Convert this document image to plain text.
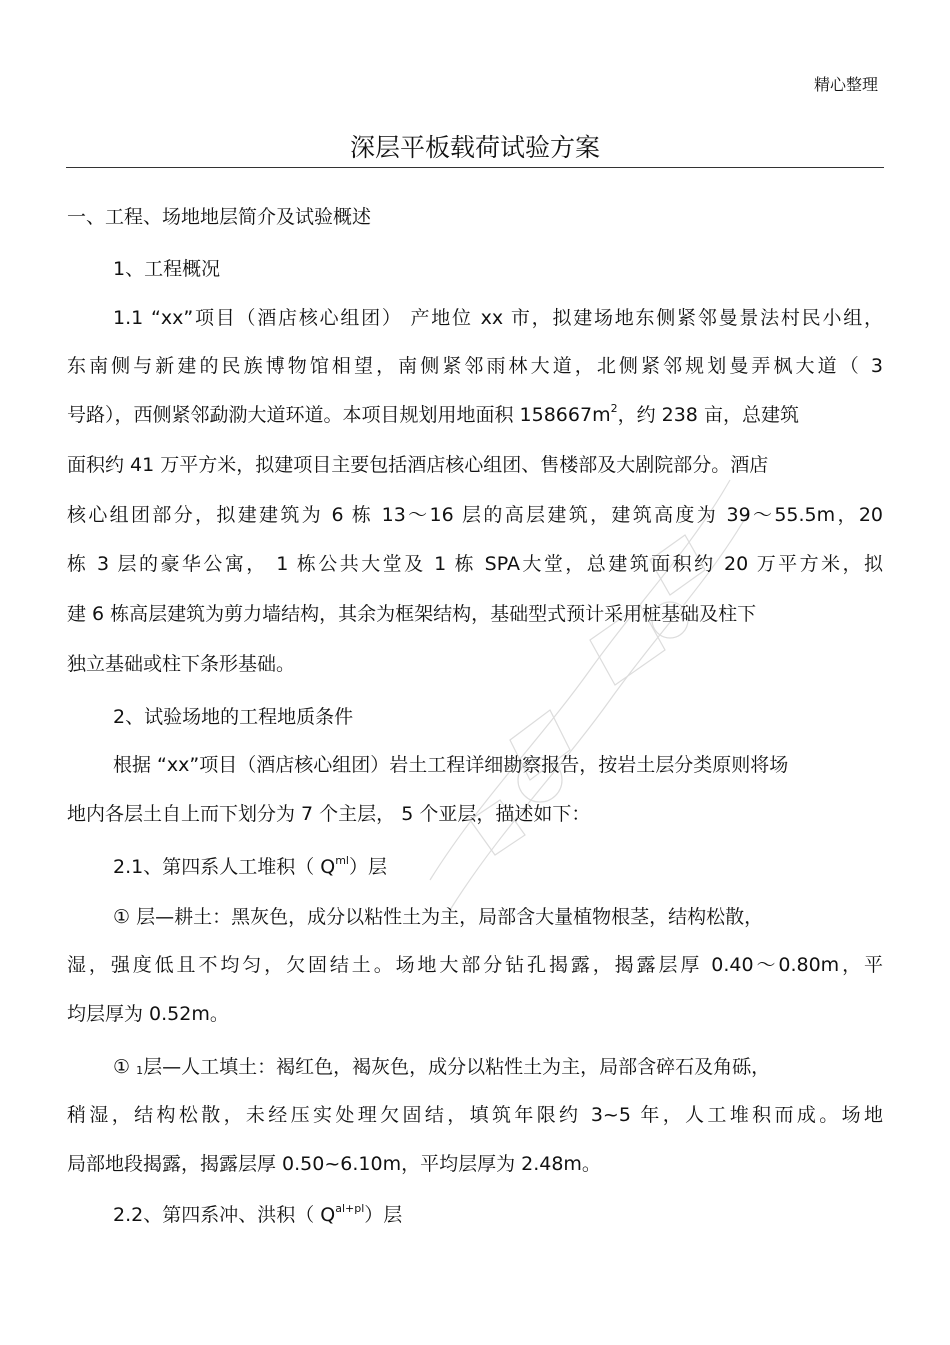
精心整理
深层平板载荷试验方案
一、工程、场地地层简介及试验概述
1、工程概况
1.1 “xx”项目（酒店核心组团） 产地位 xx 市，拟建场地东侧紧邻曼景法村民小组，
东南侧与新建的民族博物馆相望，南侧紧邻雨林大道，北侧紧邻规划曼弄枫大道（ 3
号路），西侧紧邻勐泐大道环道。本项目规划用地面积 $158667m^2$，约 238 亩，总建筑
面积约 41 万平方米，拟建项目主要包括酒店核心组团、售楼部及大剧院部分。酒店
核心组团部分，拟建建筑为 6 栋 13～16 层的高层建筑，建筑高度为 39～55.5m，20
栋 3 层的豪华公寓， 1 栋公共大堂及 1 栋 SPA大堂，总建筑面积约 20 万平方米，拟
建 6 栋高层建筑为剪力墙结构，其余为框架结构，基础型式预计采用桩基础及柱下
独立基础或柱下条形基础。
2、试验场地的工程地质条件
根据 “xx”项目（酒店核心组团）岩土工程详细勘察报告，按岩土层分类原则将场
地内各层土自上而下划分为 7 个主层， 5 个亚层，描述如下：
2.1、第四系人工堆积（ $Q^{ml}$）层
① 层—耕土：黑灰色，成分以粘性土为主，局部含大量植物根茎，结构松散，
湿，强度低且不均匀，欠固结土。场地大部分钻孔揭露，揭露层厚 0.40～0.80m，平
均层厚为 0.52m。
① $_1$层—人工填土：褐红色，褐灰色，成分以粘性土为主，局部含碎石及角砾，
稍湿，结构松散，未经压实处理欠固结，填筑年限约 3~5 年，人工堆积而成。场地
局部地段揭露，揭露层厚 0.50~6.10m，平均层厚为 2.48m。
2.2、第四系冲、洪积（ $Q^{al+pl}$）层
